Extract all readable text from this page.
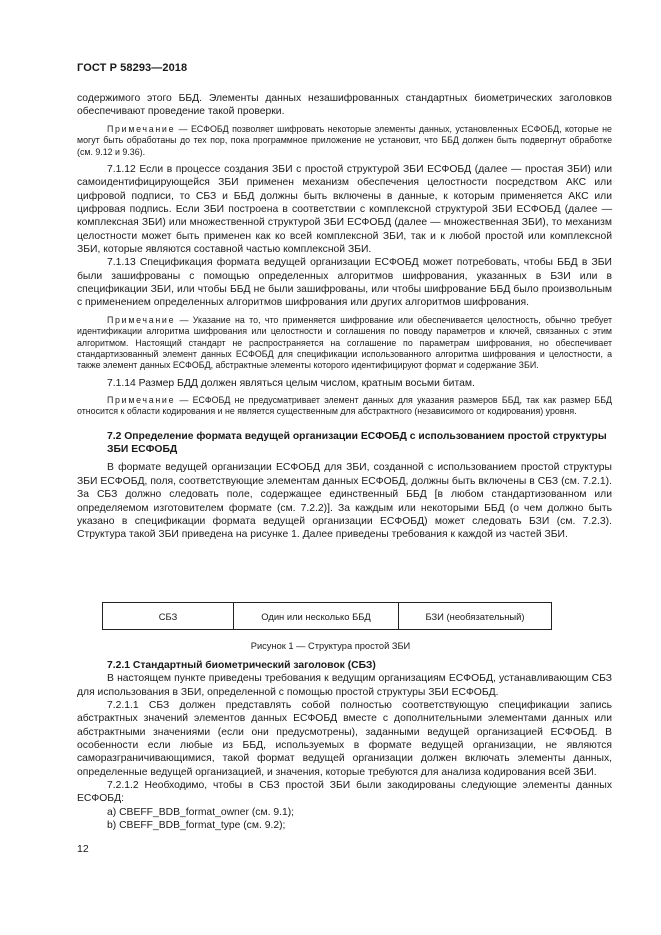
ГОСТ Р 58293—2018

содержимого этого ББД. Элементы данных незашифрованных стандартных биометрических заголовков обеспечивают проведение такой проверки.

Примечание — ЕСФОБД позволяет шифровать некоторые элементы данных, установленных ЕСФОБД, которые не могут быть обработаны до тех пор, пока программное приложение не установит, что ББД должен быть подвергнут обработке (см. 9.12 и 9.36).

7.1.12 Если в процессе создания ЗБИ с простой структурой ЗБИ ЕСФОБД (далее — простая ЗБИ) или самоидентифицирующейся ЗБИ применен механизм обеспечения целостности посредством АКС или цифровой подписи, то СБЗ и ББД должны быть включены в данные, к которым применяется АКС или цифровая подпись. Если ЗБИ построена в соответствии с комплексной структурой ЗБИ ЕСФОБД (далее — комплексная ЗБИ) или множественной структурой ЗБИ ЕСФОБД (далее — множественная ЗБИ), то механизм целостности может быть применен как ко всей комплексной ЗБИ, так и к любой простой или комплексной ЗБИ, которые являются составной частью комплексной ЗБИ.

7.1.13 Спецификация формата ведущей организации ЕСФОБД может потребовать, чтобы ББД в ЗБИ были зашифрованы с помощью определенных алгоритмов шифрования, указанных в БЗИ или в спецификации ЗБИ, или чтобы ББД не были зашифрованы, или чтобы шифрование ББД было произвольным с применением определенных алгоритмов шифрования или других алгоритмов шифрования.

Примечание — Указание на то, что применяется шифрование или обеспечивается целостность, обычно требует идентификации алгоритма шифрования или целостности и соглашения по поводу параметров и ключей, связанных с этим алгоритмом. Настоящий стандарт не распространяется на соглашение по параметрам шифрования, но обеспечивает стандартизованный элемент данных ЕСФОБД для спецификации использованного алгоритма шифрования и целостности, а также элемент данных ЕСФОБД, абстрактные элементы которого идентифицируют формат и содержание ЗБИ.

7.1.14 Размер БДД должен являться целым числом, кратным восьми битам.

Примечание — ЕСФОБД не предусматривает элемент данных для указания размеров ББД, так как размер ББД относится к области кодирования и не является существенным для абстрактного (независимого от кодирования) уровня.

7.2 Определение формата ведущей организации ЕСФОБД с использованием простой структуры ЗБИ ЕСФОБД

В формате ведущей организации ЕСФОБД для ЗБИ, созданной с использованием простой структуры ЗБИ ЕСФОБД, поля, соответствующие элементам данных ЕСФОБД, должны быть включены в СБЗ (см. 7.2.1). За СБЗ должно следовать поле, содержащее единственный ББД [в любом стандартизованном или определяемом изготовителем формате (см. 7.2.2)]. За каждым или некоторыми ББД (о чем должно быть указано в спецификации формата ведущей организации ЕСФОБД) может следовать БЗИ (см. 7.2.3). Структура такой ЗБИ приведена на рисунке 1. Далее приведены требования к каждой из частей ЗБИ.

СБЗ	Один или несколько ББД	БЗИ (необязательный)
Рисунок 1 — Структура простой ЗБИ
7.2.1 Стандартный биометрический заголовок (СБЗ)

В настоящем пункте приведены требования к ведущим организациям ЕСФОБД, устанавливающим СБЗ для использования в ЗБИ, определенной с помощью простой структуры ЗБИ ЕСФОБД.

7.2.1.1 СБЗ должен представлять собой полностью соответствующую спецификации запись абстрактных значений элементов данных ЕСФОБД вместе с дополнительными элементами данных или абстрактными значениями (если они предусмотрены), заданными ведущей организацией ЕСФОБД. В особенности если любые из ББД, используемых в формате ведущей организации, не являются саморазграничивающимися, такой формат ведущей организации должен включать элементы данных, определенные ведущей организацией, и значения, которые требуются для анализа кодирования всей ЗБИ.

7.2.1.2 Необходимо, чтобы в СБЗ простой ЗБИ были закодированы следующие элементы данных ЕСФОБД:

a) CBEFF_BDB_format_owner (см. 9.1);

b) CBEFF_BDB_format_type (см. 9.2);

12
